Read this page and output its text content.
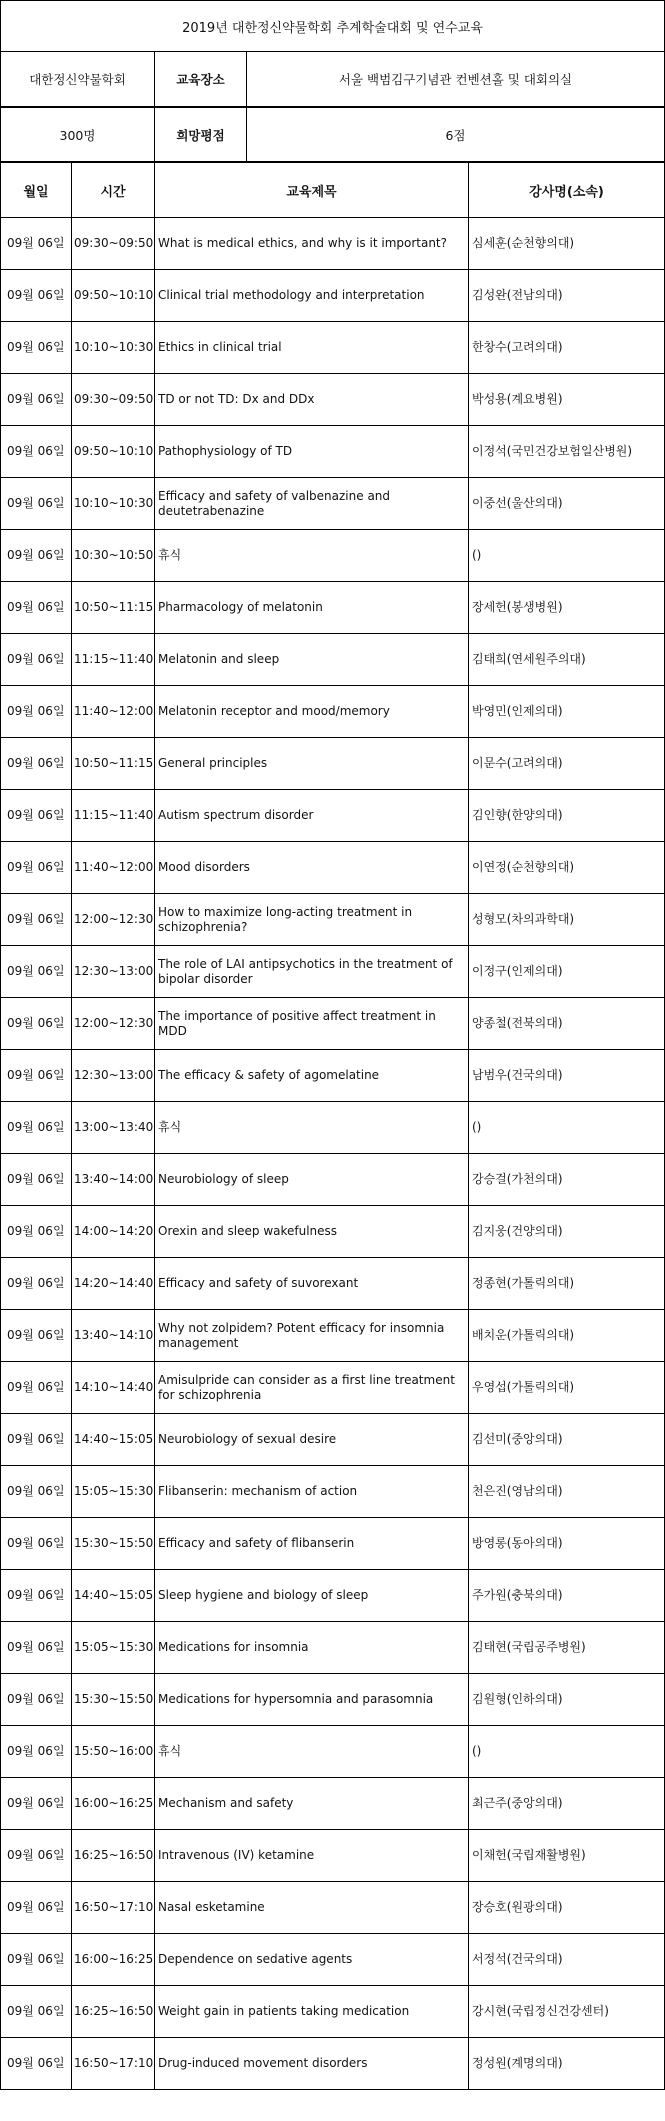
2019년 대한정신약물학회 추계학술대회 및 연수교육
대한정신약물학회	교육장소	서울 백범김구기념관 컨벤션홀 및 대회의실
300명	희망평점	6점
월일	시간	교육제목	강사명(소속)
09월 06일	09:30~09:50	What is medical ethics, and why is it important?	심세훈(순천향의대)
09월 06일	09:50~10:10	Clinical trial methodology and interpretation	김성완(전남의대)
09월 06일	10:10~10:30	Ethics in clinical trial	한창수(고려의대)
09월 06일	09:30~09:50	TD or not TD: Dx and DDx	박성용(계요병원)
09월 06일	09:50~10:10	Pathophysiology of TD	이정석(국민건강보험일산병원)
09월 06일	10:10~10:30	Efficacy and safety of valbenazine and deutetrabenazine	이중선(울산의대)
09월 06일	10:30~10:50	휴식	()
09월 06일	10:50~11:15	Pharmacology of melatonin	장세헌(봉생병원)
09월 06일	11:15~11:40	Melatonin and sleep	김태희(연세원주의대)
09월 06일	11:40~12:00	Melatonin receptor and mood/memory	박영민(인제의대)
09월 06일	10:50~11:15	General principles	이문수(고려의대)
09월 06일	11:15~11:40	Autism spectrum disorder	김인향(한양의대)
09월 06일	11:40~12:00	Mood disorders	이연정(순천향의대)
09월 06일	12:00~12:30	How to maximize long-acting treatment in schizophrenia?	성형모(차의과학대)
09월 06일	12:30~13:00	The role of LAI antipsychotics in the treatment of bipolar disorder	이정구(인제의대)
09월 06일	12:00~12:30	The importance of positive affect treatment in MDD	양종철(전북의대)
09월 06일	12:30~13:00	The efficacy & safety of agomelatine	남범우(건국의대)
09월 06일	13:00~13:40	휴식	()
09월 06일	13:40~14:00	Neurobiology of sleep	강승걸(가천의대)
09월 06일	14:00~14:20	Orexin and sleep wakefulness	김지웅(건양의대)
09월 06일	14:20~14:40	Efficacy and safety of suvorexant	정종현(가톨릭의대)
09월 06일	13:40~14:10	Why not zolpidem? Potent efficacy for insomnia management	배치운(가톨릭의대)
09월 06일	14:10~14:40	Amisulpride can consider as a first line treatment for schizophrenia	우영섭(가톨릭의대)
09월 06일	14:40~15:05	Neurobiology of sexual desire	김선미(중앙의대)
09월 06일	15:05~15:30	Flibanserin: mechanism of action	천은진(영남의대)
09월 06일	15:30~15:50	Efficacy and safety of flibanserin	방영롱(동아의대)
09월 06일	14:40~15:05	Sleep hygiene and biology of sleep	주가원(충북의대)
09월 06일	15:05~15:30	Medications for insomnia	김태현(국립공주병원)
09월 06일	15:30~15:50	Medications for hypersomnia and parasomnia	김원형(인하의대)
09월 06일	15:50~16:00	휴식	()
09월 06일	16:00~16:25	Mechanism and safety	최근주(중앙의대)
09월 06일	16:25~16:50	Intravenous (IV) ketamine	이채헌(국립재활병원)
09월 06일	16:50~17:10	Nasal esketamine	장승호(원광의대)
09월 06일	16:00~16:25	Dependence on sedative agents	서정석(건국의대)
09월 06일	16:25~16:50	Weight gain in patients taking medication	강시현(국립정신건강센터)
09월 06일	16:50~17:10	Drug-induced movement disorders	정성원(계명의대)
